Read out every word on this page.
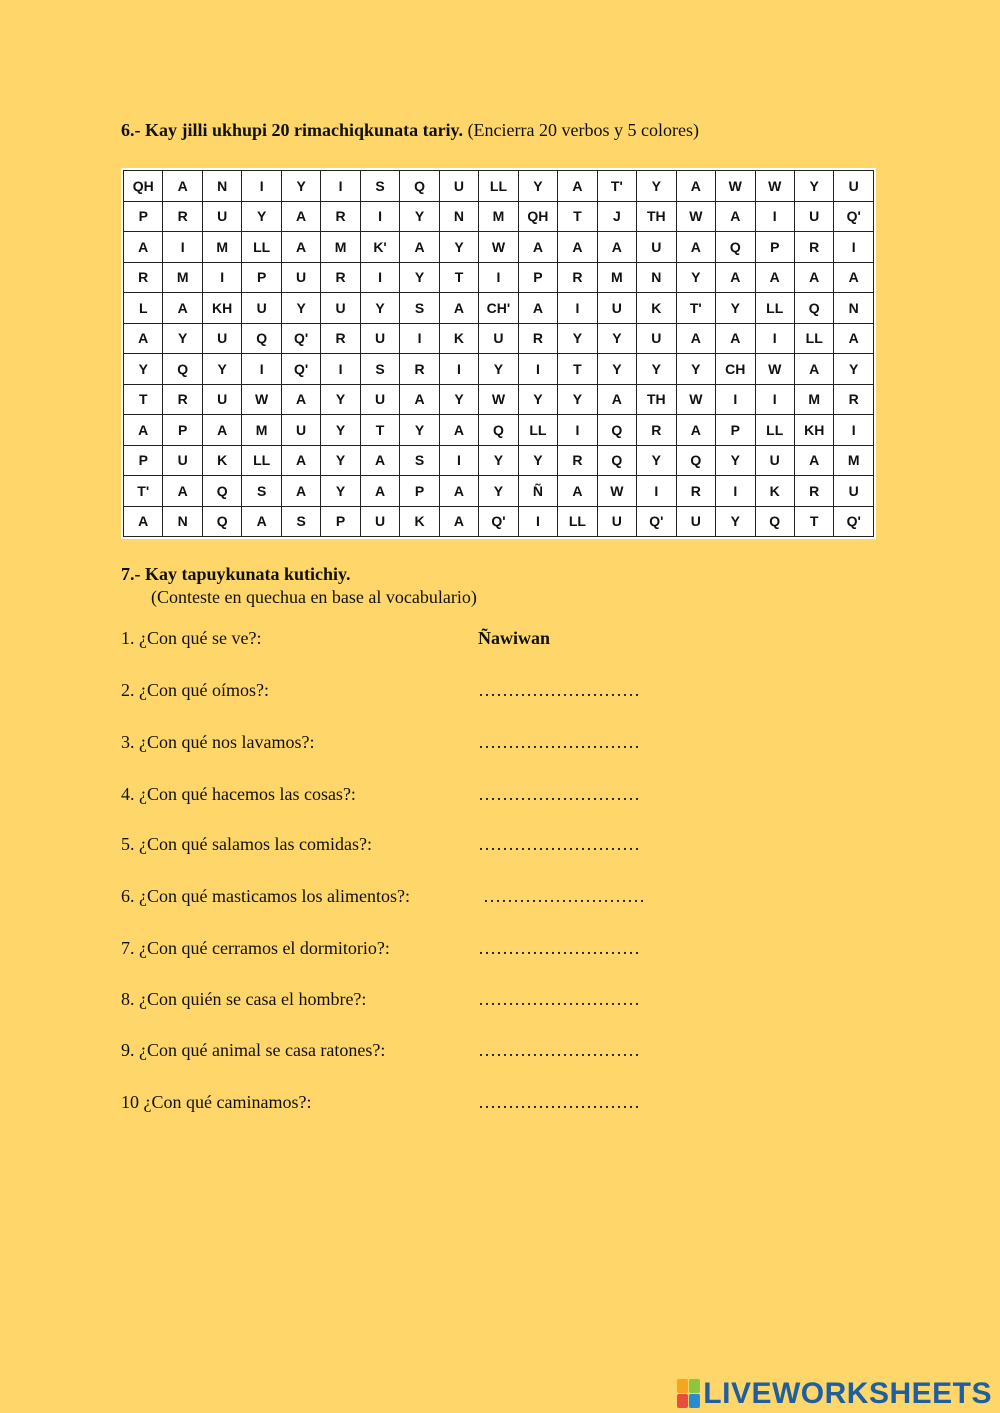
6.- Kay jilli ukhupi 20 rimachiqkunata tariy. (Encierra 20 verbos y 5 colores)
QH	A	N	I	Y	I	S	Q	U	LL	Y	A	T'	Y	A	W	W	Y	U
P	R	U	Y	A	R	I	Y	N	M	QH	T	J	TH	W	A	I	U	Q'
A	I	M	LL	A	M	K'	A	Y	W	A	A	A	U	A	Q	P	R	I
R	M	I	P	U	R	I	Y	T	I	P	R	M	N	Y	A	A	A	A
L	A	KH	U	Y	U	Y	S	A	CH'	A	I	U	K	T'	Y	LL	Q	N
A	Y	U	Q	Q'	R	U	I	K	U	R	Y	Y	U	A	A	I	LL	A
Y	Q	Y	I	Q'	I	S	R	I	Y	I	T	Y	Y	Y	CH	W	A	Y
T	R	U	W	A	Y	U	A	Y	W	Y	Y	A	TH	W	I	I	M	R
A	P	A	M	U	Y	T	Y	A	Q	LL	I	Q	R	A	P	LL	KH	I
P	U	K	LL	A	Y	A	S	I	Y	Y	R	Q	Y	Q	Y	U	A	M
T'	A	Q	S	A	Y	A	P	A	Y	Ñ	A	W	I	R	I	K	R	U
A	N	Q	A	S	P	U	K	A	Q'	I	LL	U	Q'	U	Y	Q	T	Q'
7.- Kay tapuykunata kutichiy.
(Conteste en quechua en base al vocabulario)
1. ¿Con qué se ve?:	Ñawiwan
2. ¿Con qué oímos?:	………………………
3. ¿Con qué nos lavamos?:	………………………
4. ¿Con qué hacemos las cosas?:	………………………
5. ¿Con qué salamos las comidas?:	………………………
6. ¿Con qué masticamos los alimentos?:	………………………
7. ¿Con qué cerramos el dormitorio?:	………………………
8. ¿Con quién se casa el hombre?:	………………………
9. ¿Con qué animal se casa ratones?:	………………………
10 ¿Con qué caminamos?:	………………………
LIVEWORKSHEETS
